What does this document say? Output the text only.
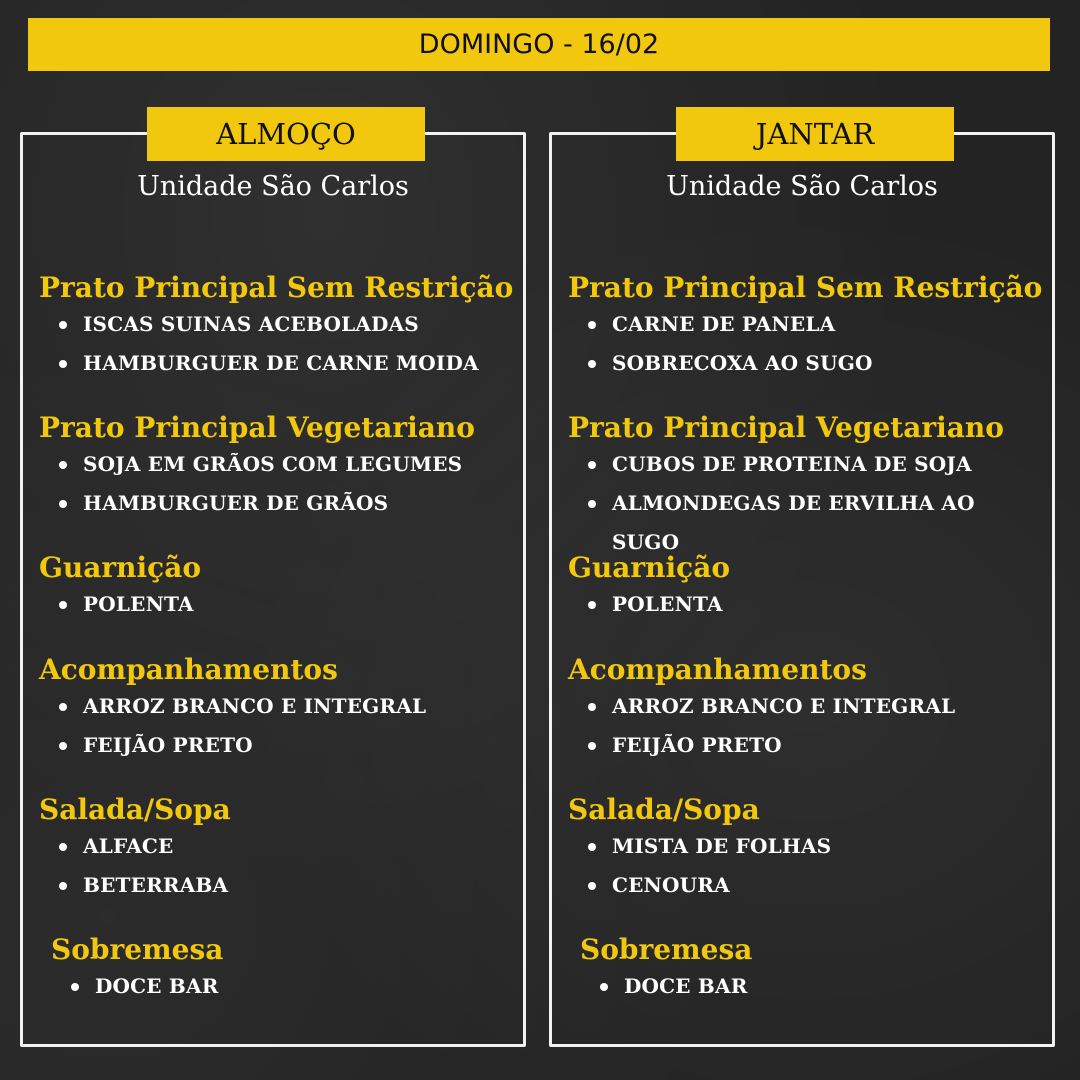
DOMINGO - 16/02
ALMOÇO
Unidade São Carlos
Prato Principal Sem Restrição
ISCAS SUINAS ACEBOLADAS
HAMBURGUER DE CARNE MOIDA
Prato Principal Vegetariano
SOJA EM GRÃOS COM LEGUMES
HAMBURGUER DE GRÃOS
Guarnição
POLENTA
Acompanhamentos
ARROZ BRANCO E INTEGRAL
FEIJÃO PRETO
Salada/Sopa
ALFACE
BETERRABA
Sobremesa
DOCE BAR
JANTAR
Unidade São Carlos
Prato Principal Sem Restrição
CARNE DE PANELA
SOBRECOXA AO SUGO
Prato Principal Vegetariano
CUBOS DE PROTEINA DE SOJA
ALMONDEGAS DE ERVILHA AO SUGO
Guarnição
POLENTA
Acompanhamentos
ARROZ BRANCO E INTEGRAL
FEIJÃO PRETO
Salada/Sopa
MISTA DE FOLHAS
CENOURA
Sobremesa
DOCE BAR
